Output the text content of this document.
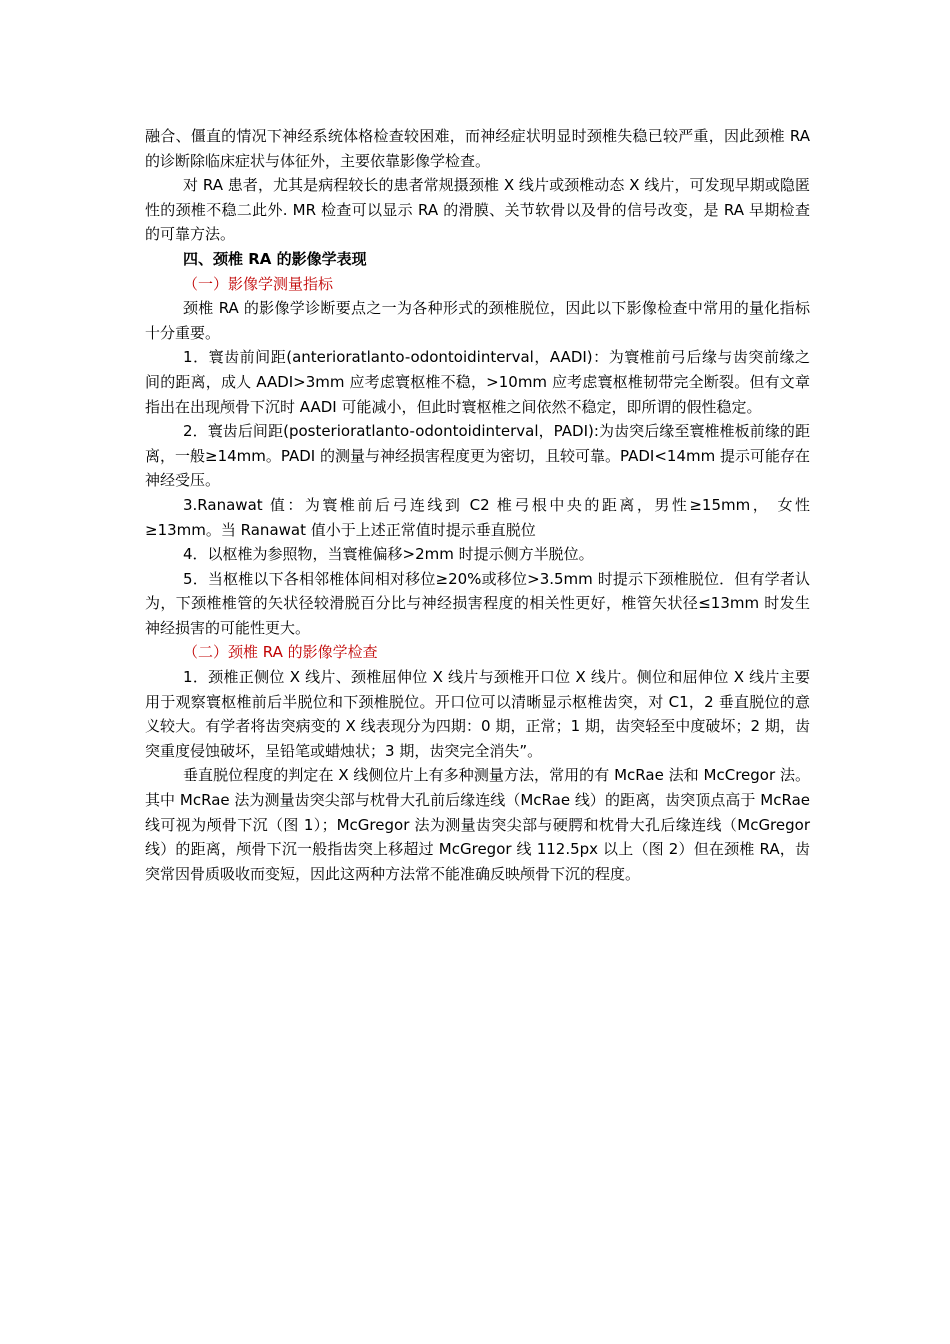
融合、僵直的情况下神经系统体格检查较困难，而神经症状明显时颈椎失稳已较严重，因此颈椎 RA 的诊断除临床症状与体征外，主要依靠影像学检查。

对 RA 患者，尤其是病程较长的患者常规摄颈椎 X 线片或颈椎动态 X 线片，可发现早期或隐匿性的颈椎不稳二此外. MR 检查可以显示 RA 的滑膜、关节软骨以及骨的信号改变，是 RA 早期检查的可靠方法。

四、颈椎 RA 的影像学表现

（一）影像学测量指标

颈椎 RA 的影像学诊断要点之一为各种形式的颈椎脱位，因此以下影像检查中常用的量化指标十分重要。

1．寰齿前间距(anterioratlanto-odontoidinterval，AADI)：为寰椎前弓后缘与齿突前缘之间的距离，成人 AADI>3mm 应考虑寰枢椎不稳，>10mm 应考虑寰枢椎韧带完全断裂。但有文章指出在出现颅骨下沉时 AADI 可能减小，但此时寰枢椎之间依然不稳定，即所谓的假性稳定。

2．寰齿后间距(posterioratlanto-odontoidinterval，PADI):为齿突后缘至寰椎椎板前缘的距离，一般≥14mm。PADI 的测量与神经损害程度更为密切，且较可靠。PADI<14mm 提示可能存在神经受压。

3.Ranawat 值：为寰椎前后弓连线到 C2 椎弓根中央的距离，男性≥15mm， 女性≥13mm。当 Ranawat 值小于上述正常值时提示垂直脱位

4．以枢椎为参照物，当寰椎偏移>2mm 时提示侧方半脱位。

5．当枢椎以下各相邻椎体间相对移位≥20%或移位>3.5mm 时提示下颈椎脱位．但有学者认为，下颈椎椎管的矢状径较滑脱百分比与神经损害程度的相关性更好，椎管矢状径≤13mm 时发生神经损害的可能性更大。

（二）颈椎 RA 的影像学检查

1．颈椎正侧位 X 线片、颈椎屈伸位 X 线片与颈椎开口位 X 线片。侧位和屈伸位 X 线片主要用于观察寰枢椎前后半脱位和下颈椎脱位。开口位可以清晰显示枢椎齿突，对 C1，2 垂直脱位的意义较大。有学者将齿突病变的 X 线表现分为四期：0 期，正常；1 期，齿突轻至中度破坏；2 期，齿突重度侵蚀破坏，呈铅笔或蜡烛状；3 期，齿突完全消失”。

垂直脱位程度的判定在 X 线侧位片上有多种测量方法，常用的有 McRae 法和 McCregor 法。其中 McRae 法为测量齿突尖部与枕骨大孔前后缘连线（McRae 线）的距离，齿突顶点高于 McRae 线可视为颅骨下沉（图 1）；McGregor 法为测量齿突尖部与硬腭和枕骨大孔后缘连线（McGregor 线）的距离，颅骨下沉一般指齿突上移超过 McGregor 线 112.5px 以上（图 2）但在颈椎 RA，齿突常因骨质吸收而变短，因此这两种方法常不能准确反映颅骨下沉的程度。
